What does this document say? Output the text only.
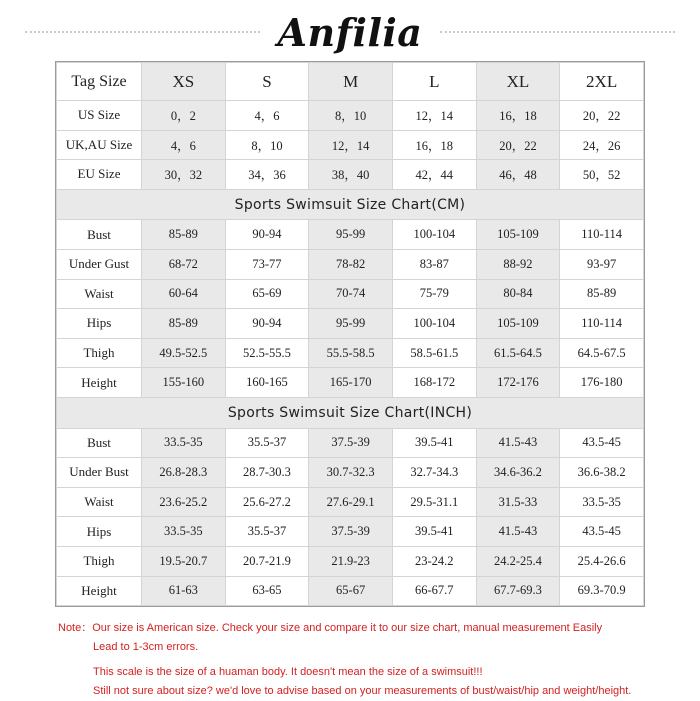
Anfilia
Tag Size	XS	S	M	L	XL	2XL
US Size	0，2	4，6	8，10	12，14	16，18	20，22
UK,AU Size	4，6	8，10	12，14	16，18	20，22	24，26
EU Size	30，32	34，36	38，40	42，44	46，48	50，52
Sports Swimsuit Size Chart(CM)						
Bust	85-89	90-94	95-99	100-104	105-109	110-114
Under Gust	68-72	73-77	78-82	83-87	88-92	93-97
Waist	60-64	65-69	70-74	75-79	80-84	85-89
Hips	85-89	90-94	95-99	100-104	105-109	110-114
Thigh	49.5-52.5	52.5-55.5	55.5-58.5	58.5-61.5	61.5-64.5	64.5-67.5
Height	155-160	160-165	165-170	168-172	172-176	176-180
Sports Swimsuit Size Chart(INCH)						
Bust	33.5-35	35.5-37	37.5-39	39.5-41	41.5-43	43.5-45
Under Bust	26.8-28.3	28.7-30.3	30.7-32.3	32.7-34.3	34.6-36.2	36.6-38.2
Waist	23.6-25.2	25.6-27.2	27.6-29.1	29.5-31.1	31.5-33	33.5-35
Hips	33.5-35	35.5-37	37.5-39	39.5-41	41.5-43	43.5-45
Thigh	19.5-20.7	20.7-21.9	21.9-23	23-24.2	24.2-25.4	25.4-26.6
Height	61-63	63-65	65-67	66-67.7	67.7-69.3	69.3-70.9
Note：Our size is American size. Check your size and compare it to our size chart, manual measurement Easily
Lead to 1-3cm errors.
This scale is the size of a huaman body. It doesn't mean the size of a swimsuit!!!
Still not sure about size? we'd love to advise based on your measurements of bust/waist/hip and weight/height.
